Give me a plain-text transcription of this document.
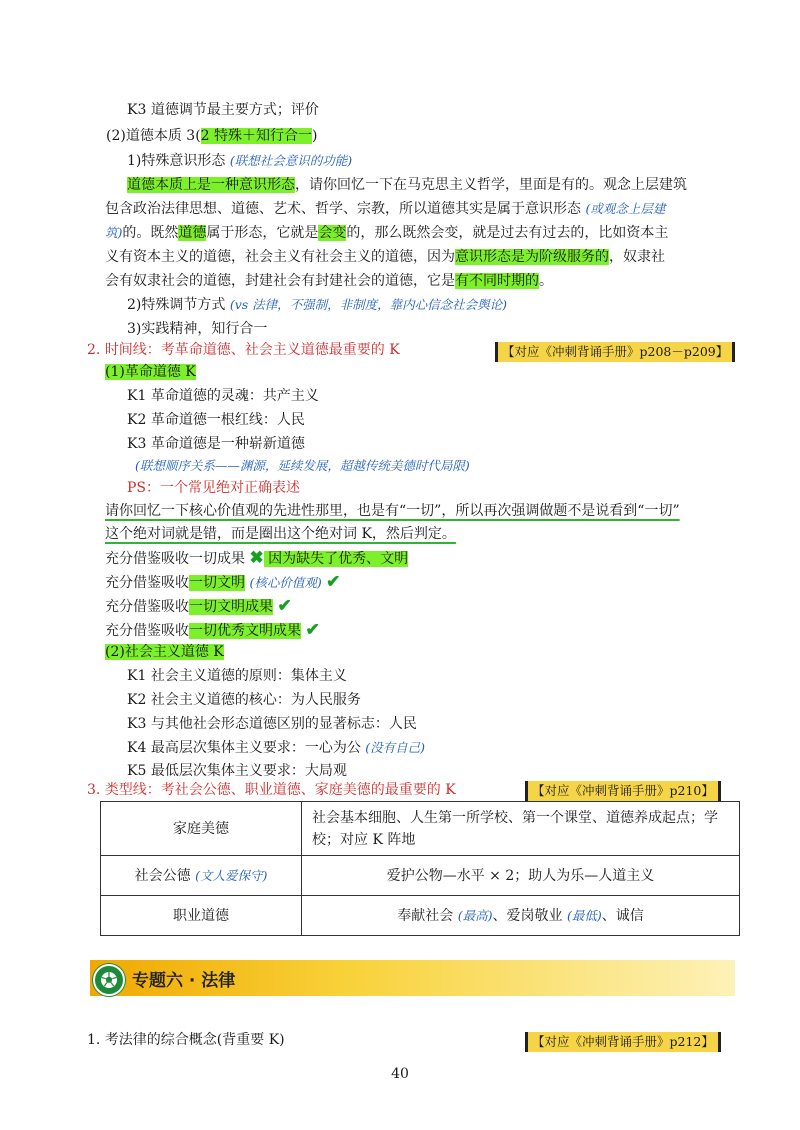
K3 道德调节最主要方式；评价
(2)道德本质 3(2 特殊＋知行合一)
1)特殊意识形态 (联想社会意识的功能)
道德本质上是一种意识形态，请你回忆一下在马克思主义哲学，里面是有的。观念上层建筑
包含政治法律思想、道德、艺术、哲学、宗教，所以道德其实是属于意识形态 (或观念上层建
筑)的。既然道德属于形态，它就是会变的，那么既然会变，就是过去有过去的，比如资本主
义有资本主义的道德，社会主义有社会主义的道德，因为意识形态是为阶级服务的，奴隶社
会有奴隶社会的道德，封建社会有封建社会的道德，它是有不同时期的。
2)特殊调节方式 (vs 法律，不强制，非制度，靠内心信念社会舆论)
3)实践精神，知行合一
2. 时间线：考革命道德、社会主义道德最重要的 K	【对应《冲刺背诵手册》p208－p209】
(1)革命道德 K
K1 革命道德的灵魂：共产主义
K2 革命道德一根红线：人民
K3 革命道德是一种崭新道德
(联想顺序关系——渊源，延续发展，超越传统美德时代局限)
PS：一个常见绝对正确表述
请你回忆一下核心价值观的先进性那里，也是有“一切”，所以再次强调做题不是说看到“一切”
这个绝对词就是错，而是圈出这个绝对词 K，然后判定。
充分借鉴吸收一切成果 ✖ 因为缺失了优秀、文明
充分借鉴吸收一切文明 (核心价值观) ✔
充分借鉴吸收一切文明成果 ✔
充分借鉴吸收一切优秀文明成果 ✔
(2)社会主义道德 K
K1 社会主义道德的原则：集体主义
K2 社会主义道德的核心：为人民服务
K3 与其他社会形态道德区别的显著标志：人民
K4 最高层次集体主义要求：一心为公 (没有自己)
K5 最低层次集体主义要求：大局观
3. 类型线：考社会公德、职业道德、家庭美德的最重要的 K	【对应《冲刺背诵手册》p210】
家庭美德	社会基本细胞、人生第一所学校、第一个课堂、道德养成起点；学校；对应 K 阵地
社会公德 (文人爱保守)	爱护公物—水平 × 2；助人为乐—人道主义
职业道德	奉献社会 (最高)、爱岗敬业 (最低)、诚信
专题六 · 法律
1. 考法律的综合概念(背重要 K)	【对应《冲刺背诵手册》p212】
40
